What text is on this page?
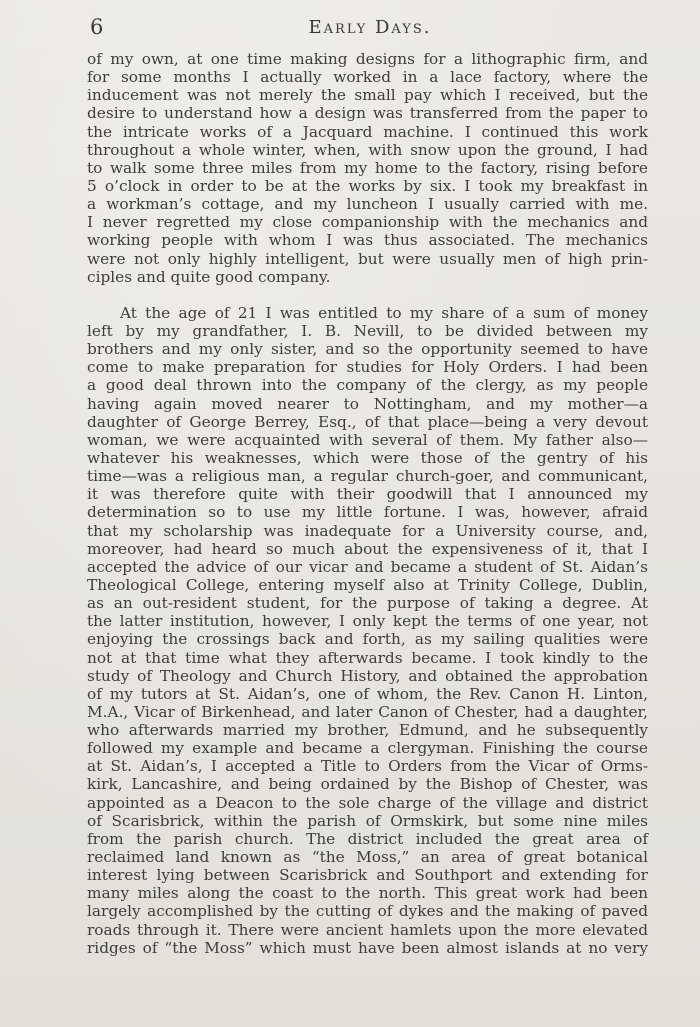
6	Early Days.
of my own, at one time making designs for a lithographic firm, and
for some months I actually worked in a lace factory, where the
inducement was not merely the small pay which I received, but the
desire to understand how a design was transferred from the paper to
the intricate works of a Jacquard machine. I continued this work
throughout a whole winter, when, with snow upon the ground, I had
to walk some three miles from my home to the factory, rising before
5 o’clock in order to be at the works by six. I took my breakfast in
a workman’s cottage, and my luncheon I usually carried with me.
I never regretted my close companionship with the mechanics and
working people with whom I was thus associated. The mechanics
were not only highly intelligent, but were usually men of high prin-
ciples and quite good company.
At the age of 21 I was entitled to my share of a sum of money
left by my grandfather, I. B. Nevill, to be divided between my
brothers and my only sister, and so the opportunity seemed to have
come to make preparation for studies for Holy Orders. I had been
a good deal thrown into the company of the clergy, as my people
having again moved nearer to Nottingham, and my mother—a
daughter of George Berrey, Esq., of that place—being a very devout
woman, we were acquainted with several of them. My father also—
whatever his weaknesses, which were those of the gentry of his
time—was a religious man, a regular church-goer, and communicant,
it was therefore quite with their goodwill that I announced my
determination so to use my little fortune. I was, however, afraid
that my scholarship was inadequate for a University course, and,
moreover, had heard so much about the expensiveness of it, that I
accepted the advice of our vicar and became a student of St. Aidan’s
Theological College, entering myself also at Trinity College, Dublin,
as an out-resident student, for the purpose of taking a degree. At
the latter institution, however, I only kept the terms of one year, not
enjoying the crossings back and forth, as my sailing qualities were
not at that time what they afterwards became. I took kindly to the
study of Theology and Church History, and obtained the approbation
of my tutors at St. Aidan’s, one of whom, the Rev. Canon H. Linton,
M.A., Vicar of Birkenhead, and later Canon of Chester, had a daughter,
who afterwards married my brother, Edmund, and he subsequently
followed my example and became a clergyman. Finishing the course
at St. Aidan’s, I accepted a Title to Orders from the Vicar of Orms-
kirk, Lancashire, and being ordained by the Bishop of Chester, was
appointed as a Deacon to the sole charge of the village and district
of Scarisbrick, within the parish of Ormskirk, but some nine miles
from the parish church. The district included the great area of
reclaimed land known as “the Moss,” an area of great botanical
interest lying between Scarisbrick and Southport and extending for
many miles along the coast to the north. This great work had been
largely accomplished by the cutting of dykes and the making of paved
roads through it. There were ancient hamlets upon the more elevated
ridges of “the Moss” which must have been almost islands at no very
